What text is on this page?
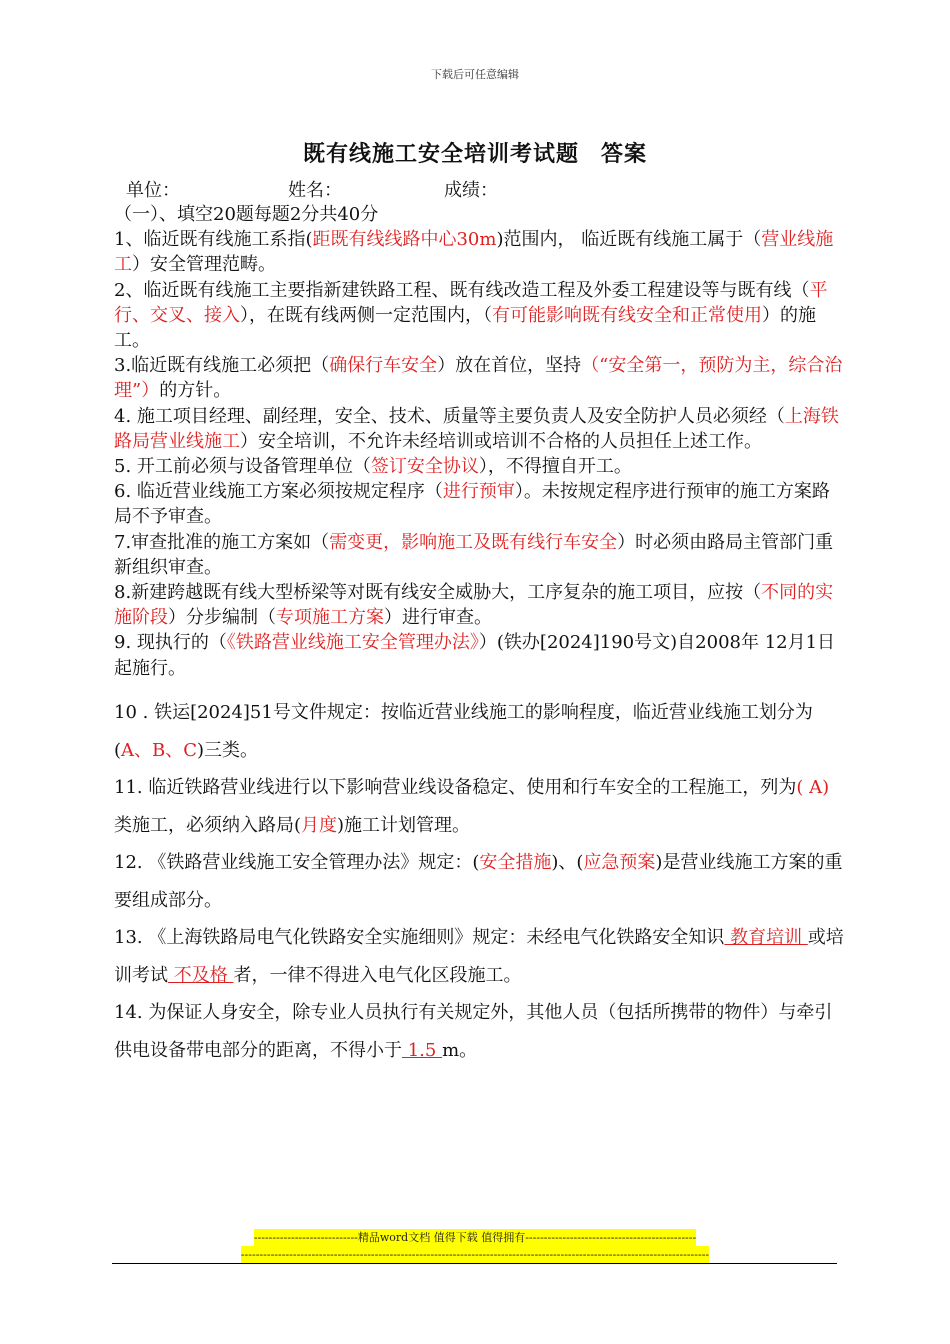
下载后可任意编辑
既有线施工安全培训考试题 答案
单位：	姓名：	成绩：

（一）、填空20题每题2分共40分

1、临近既有线施工系指(距既有线线路中心30m)范围内， 临近既有线施工属于（营业线施工）安全管理范畴。

2、临近既有线施工主要指新建铁路工程、既有线改造工程及外委工程建设等与既有线（平行、交叉、接入），在既有线两侧一定范围内，（有可能影响既有线安全和正常使用）的施工。

3.临近既有线施工必须把（确保行车安全）放在首位，坚持（“安全第一，预防为主，综合治理”）的方针。

4. 施工项目经理、副经理，安全、技术、质量等主要负责人及安全防护人员必须经（上海铁路局营业线施工）安全培训，不允许未经培训或培训不合格的人员担任上述工作。

5. 开工前必须与设备管理单位（签订安全协议），不得擅自开工。

6. 临近营业线施工方案必须按规定程序（进行预审）。未按规定程序进行预审的施工方案路局不予审查。

7.审查批准的施工方案如（需变更，影响施工及既有线行车安全）时必须由路局主管部门重新组织审查。

8.新建跨越既有线大型桥梁等对既有线安全威胁大，工序复杂的施工项目，应按（不同的实施阶段）分步编制（专项施工方案）进行审查。

9. 现执行的（《铁路营业线施工安全管理办法》）(铁办[2024]190号文)自2008年 12月1日起施行。

10 . 铁运[2024]51号文件规定：按临近营业线施工的影响程度，临近营业线施工划分为 (A、B、C)三类。

11. 临近铁路营业线进行以下影响营业线设备稳定、使用和行车安全的工程施工，列为( A) 类施工，必须纳入路局(月度)施工计划管理。

12. 《铁路营业线施工安全管理办法》规定：(安全措施)、(应急预案)是营业线施工方案的重要组成部分。

13. 《上海铁路局电气化铁路安全实施细则》规定：未经电气化铁路安全知识 教育培训 或培训考试 不及格 者，一律不得进入电气化区段施工。

14. 为保证人身安全，除专业人员执行有关规定外，其他人员（包括所携带的物件）与牵引供电设备带电部分的距离，不得小于 1.5 m。

----------------------------精品word文档 值得下载 值得拥有----------------------------------------------
------------------------------------------------------------------------------------------------------------------------------
